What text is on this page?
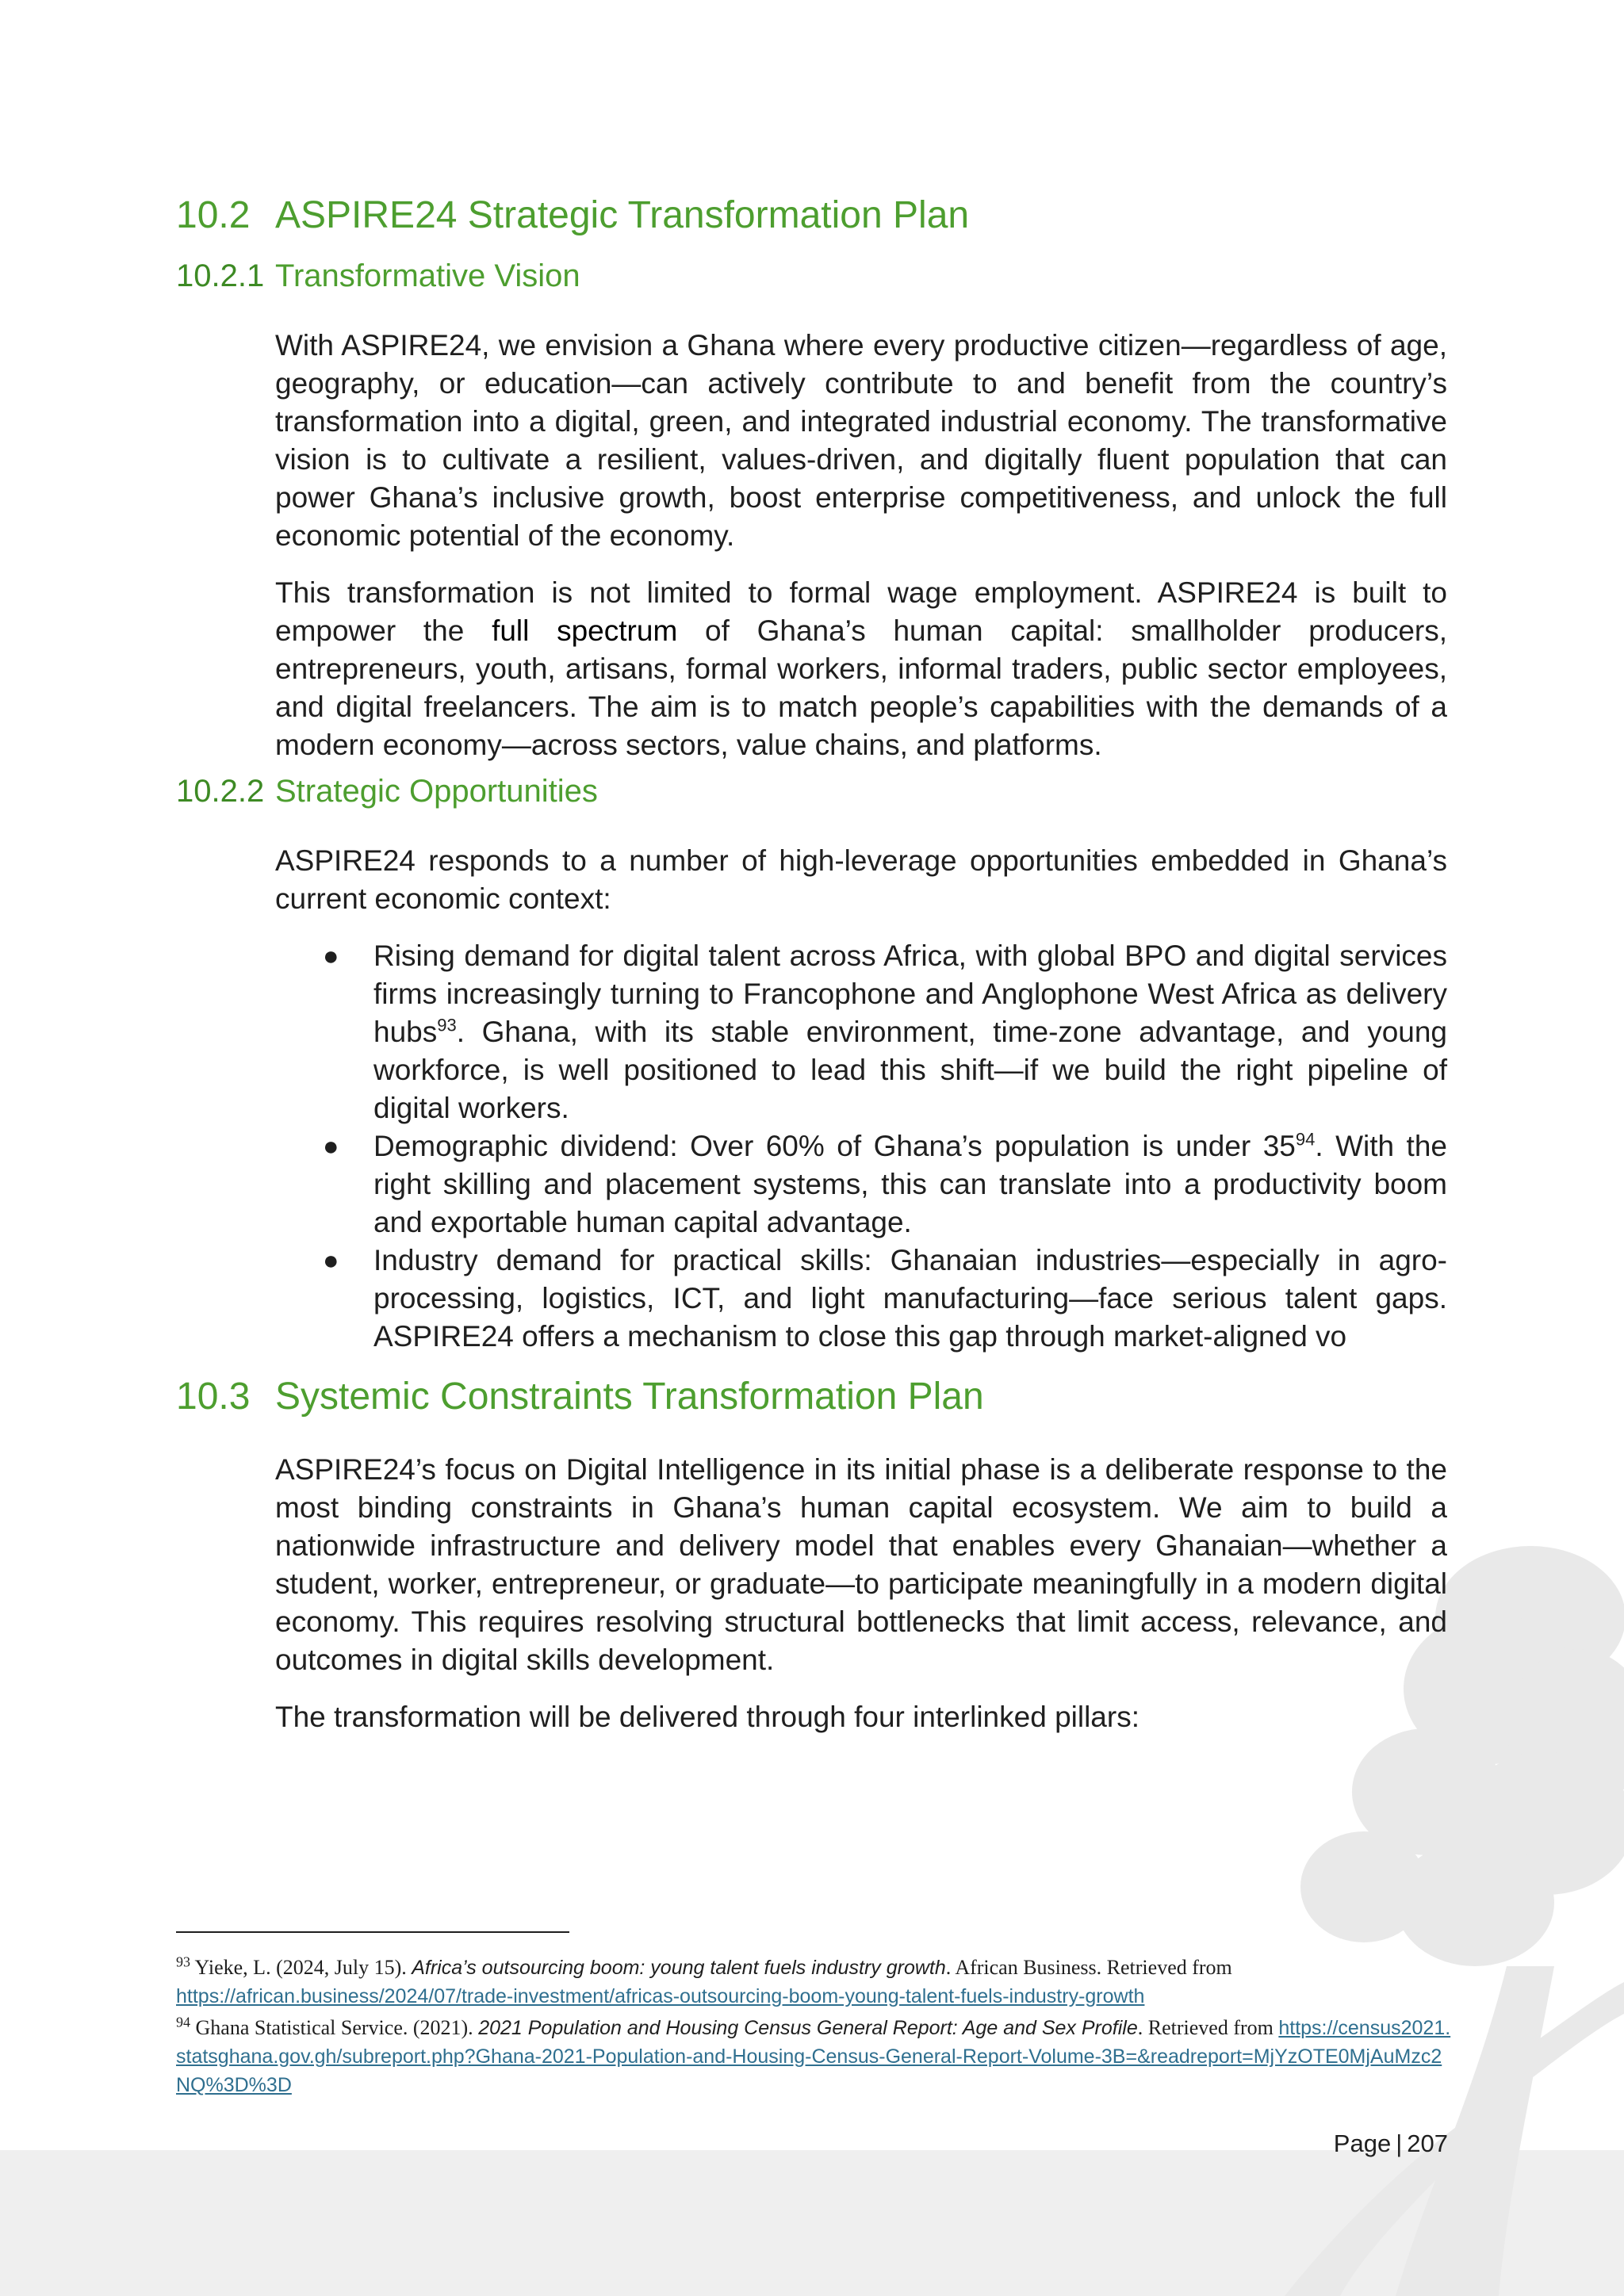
10.2 ASPIRE24 Strategic Transformation Plan
10.2.1 Transformative Vision

With ASPIRE24, we envision a Ghana where every productive citizen—regardless of age, geography, or education—can actively contribute to and benefit from the country’s transformation into a digital, green, and integrated industrial economy. The transformative vision is to cultivate a resilient, values-driven, and digitally fluent population that can power Ghana’s inclusive growth, boost enterprise competitiveness, and unlock the full economic potential of the economy.

This transformation is not limited to formal wage employment. ASPIRE24 is built to empower the full spectrum of Ghana’s human capital: smallholder producers, entrepreneurs, youth, artisans, formal workers, informal traders, public sector employees, and digital freelancers. The aim is to match people’s capabilities with the demands of a modern economy—across sectors, value chains, and platforms.

10.2.2 Strategic Opportunities

ASPIRE24 responds to a number of high-leverage opportunities embedded in Ghana’s current economic context:

● Rising demand for digital talent across Africa, with global BPO and digital services firms increasingly turning to Francophone and Anglophone West Africa as delivery hubs$^{93}$. Ghana, with its stable environment, time-zone advantage, and young workforce, is well positioned to lead this shift—if we build the right pipeline of digital workers.
● Demographic dividend: Over 60% of Ghana’s population is under $35^{94}$. With the right skilling and placement systems, this can translate into a productivity boom and exportable human capital advantage.
● Industry demand for practical skills: Ghanaian industries—especially in agro-processing, logistics, ICT, and light manufacturing—face serious talent gaps. ASPIRE24 offers a mechanism to close this gap through market-aligned vo
10.3 Systemic Constraints Transformation Plan

ASPIRE24’s focus on Digital Intelligence in its initial phase is a deliberate response to the most binding constraints in Ghana’s human capital ecosystem. We aim to build a nationwide infrastructure and delivery model that enables every Ghanaian—whether a student, worker, entrepreneur, or graduate—to participate meaningfully in a modern digital economy. This requires resolving structural bottlenecks that limit access, relevance, and outcomes in digital skills development.

The transformation will be delivered through four interlinked pillars:

$^{93}$ Yieke, L. (2024, July 15). Africa’s outsourcing boom: young talent fuels industry growth. African Business. Retrieved from https://african.business/2024/07/trade-investment/africas-outsourcing-boom-young-talent-fuels-industry-growth
$^{94}$ Ghana Statistical Service. (2021). 2021 Population and Housing Census General Report: Age and Sex Profile. Retrieved from https://census2021.statsghana.gov.gh/subreport.php?Ghana-2021-Population-and-Housing-Census-General-Report-Volume-3B=&readreport=MjYzOTE0MjAuMzc2NQ%3D%3D
Page | 207
